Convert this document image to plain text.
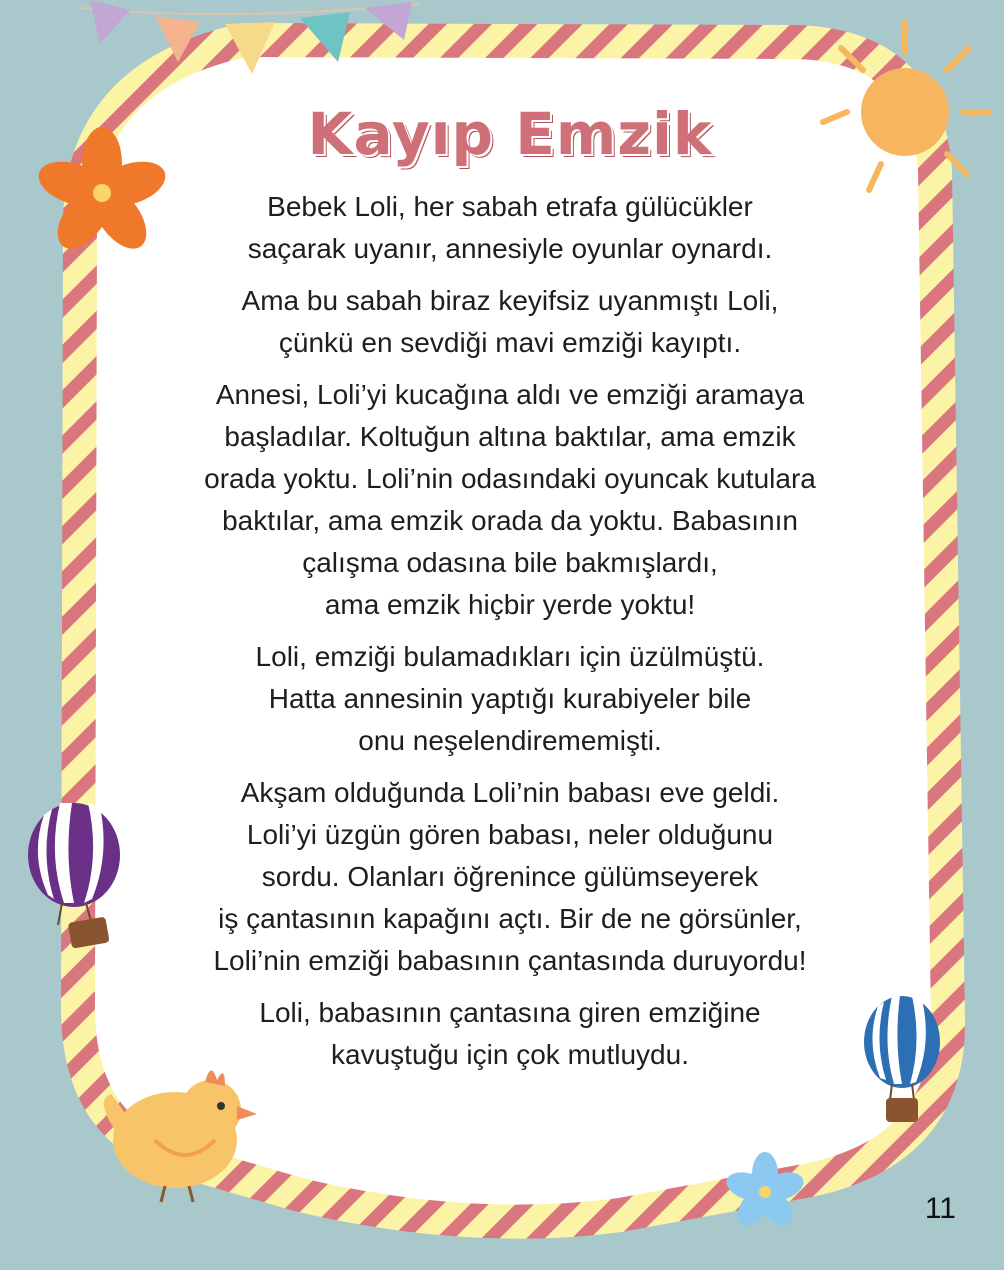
Kayıp Emzik

Bebek Loli, her sabah etrafa gülücükler
saçarak uyanır, annesiyle oyunlar oynardı.

Ama bu sabah biraz keyifsiz uyanmıştı Loli,
çünkü en sevdiği mavi emziği kayıptı.

Annesi, Loli’yi kucağına aldı ve emziği aramaya
başladılar. Koltuğun altına baktılar, ama emzik
orada yoktu. Loli’nin odasındaki oyuncak kutulara
baktılar, ama emzik orada da yoktu. Babasının
çalışma odasına bile bakmışlardı,
ama emzik hiçbir yerde yoktu!

Loli, emziği bulamadıkları için üzülmüştü.
Hatta annesinin yaptığı kurabiyeler bile
onu neşelendirememişti.

Akşam olduğunda Loli’nin babası eve geldi.
Loli’yi üzgün gören babası, neler olduğunu
sordu. Olanları öğrenince gülümseyerek
iş çantasının kapağını açtı. Bir de ne görsünler,
Loli’nin emziği babasının çantasında duruyordu!

Loli, babasının çantasına giren emziğine
kavuştuğu için çok mutluydu.

11
